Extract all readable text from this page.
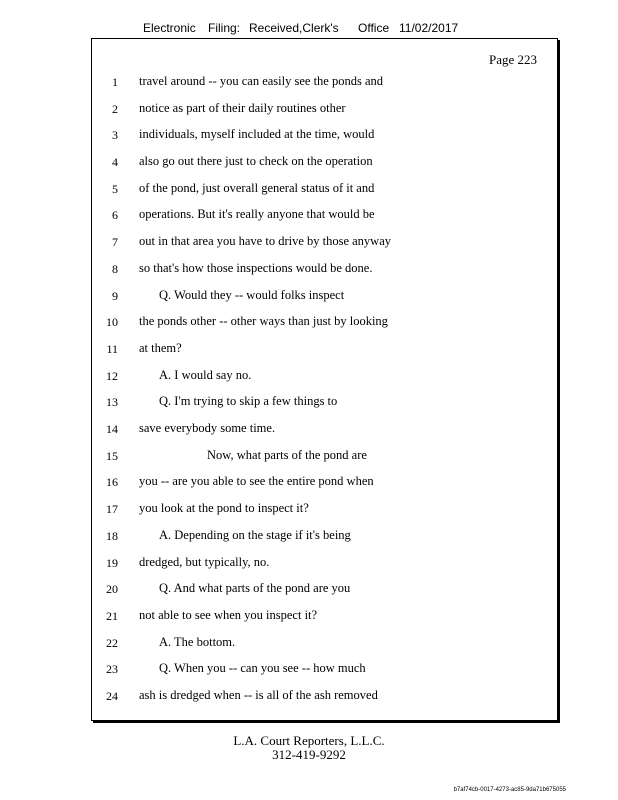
Electronic Filing: Received,Clerk's Office 11/02/2017
Page 223
1 travel around -- you can easily see the ponds and
2 notice as part of their daily routines other
3 individuals, myself included at the time, would
4 also go out there just to check on the operation
5 of the pond, just overall general status of it and
6 operations. But it's really anyone that would be
7 out in that area you have to drive by those anyway
8 so that's how those inspections would be done.
9	Q. Would they -- would folks inspect
10 the ponds other -- other ways than just by looking
11 at them?
12	A. I would say no.
13	Q. I'm trying to skip a few things to
14 save everybody some time.
15	Now, what parts of the pond are
16 you -- are you able to see the entire pond when
17 you look at the pond to inspect it?
18	A. Depending on the stage if it's being
19 dredged, but typically, no.
20	Q. And what parts of the pond are you
21 not able to see when you inspect it?
22	A. The bottom.
23	Q. When you -- can you see -- how much
24 ash is dredged when -- is all of the ash removed
L.A. Court Reporters, L.L.C.
312-419-9292
b7af74cb-0017-4273-ac85-9da71b675055
